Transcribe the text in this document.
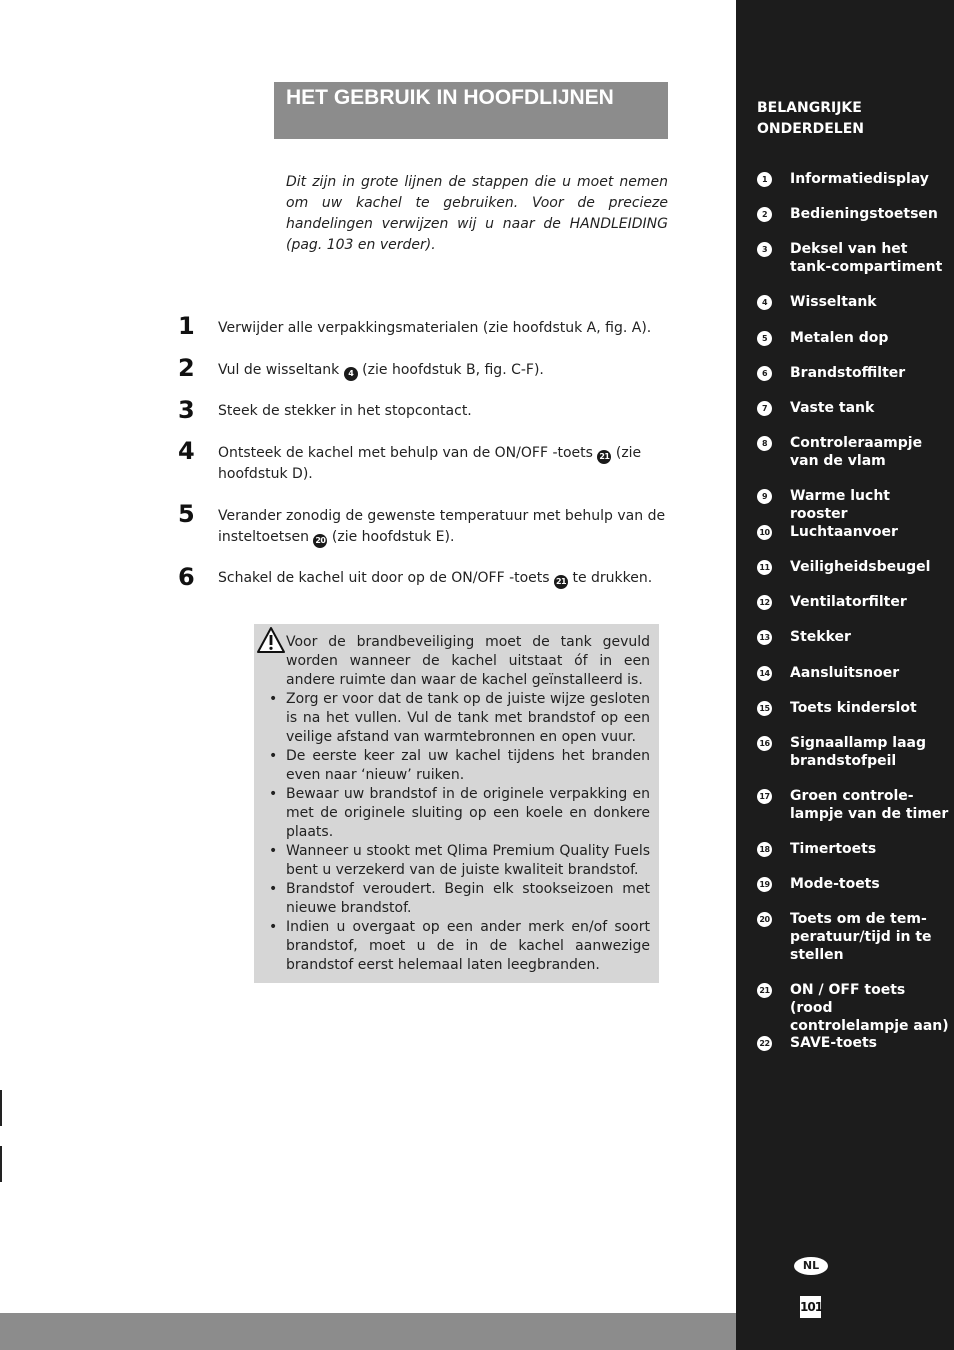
HET GEBRUIK IN HOOFDLIJNEN

Dit zijn in grote lijnen de stappen die u moet nemen om uw kachel te gebruiken. Voor de precieze handelingen verwijzen wij u naar de HANDLEIDING (pag. 103 en verder).

1 Verwijder alle verpakkingsmaterialen (zie hoofdstuk A, fig. A).

2 Vul de wisseltank 4 (zie hoofdstuk B, fig. C-F).

3 Steek de stekker in het stopcontact.

4 Ontsteek de kachel met behulp van de ON/OFF -toets 21 (zie hoofdstuk D).

5 Verander zonodig de gewenste temperatuur met behulp van de insteltoetsen 20 (zie hoofdstuk E).

6 Schakel de kachel uit door op de ON/OFF -toets 21 te drukken.

Voor de brandbeveiliging moet de tank gevuld worden wanneer de kachel uitstaat óf in een andere ruimte dan waar de kachel geïnstalleerd is.

• Zorg er voor dat de tank op de juiste wijze gesloten is na het vullen. Vul de tank met brandstof op een veilige afstand van warmtebronnen en open vuur.
• De eerste keer zal uw kachel tijdens het branden even naar ‘nieuw’ ruiken.
• Bewaar uw brandstof in de originele verpakking en met de originele sluiting op een koele en donkere plaats.
• Wanneer u stookt met Qlima Premium Quality Fuels bent u verzekerd van de juiste kwaliteit brandstof.
• Brandstof veroudert. Begin elk stookseizoen met nieuwe brandstof.
• Indien u overgaat op een ander merk en/of soort brandstof, moet u de in de kachel aanwezige brandstof eerst helemaal laten leegbranden.
BELANGRIJKE
ONDERDELEN
1	Informatiedisplay
2	Bedieningstoetsen
3	Deksel van het tank-compartiment
4	Wisseltank
5	Metalen dop
6	Brandstoffilter
7	Vaste tank
8	Controleraampje van de vlam
9	Warme lucht rooster
10 Luchtaanvoer
11 Veiligheidsbeugel
12 Ventilatorfilter
13 Stekker
14 Aansluitsnoer
15 Toets kinderslot
16 Signaallamp laag brandstofpeil
17 Groen controle-lampje van de timer
18 Timertoets
19 Mode-toets
20 Toets om de tem-peratuur/tijd in te stellen
21 ON / OFF toets (rood controlelampje aan)
22 SAVE-toets
NL
101
